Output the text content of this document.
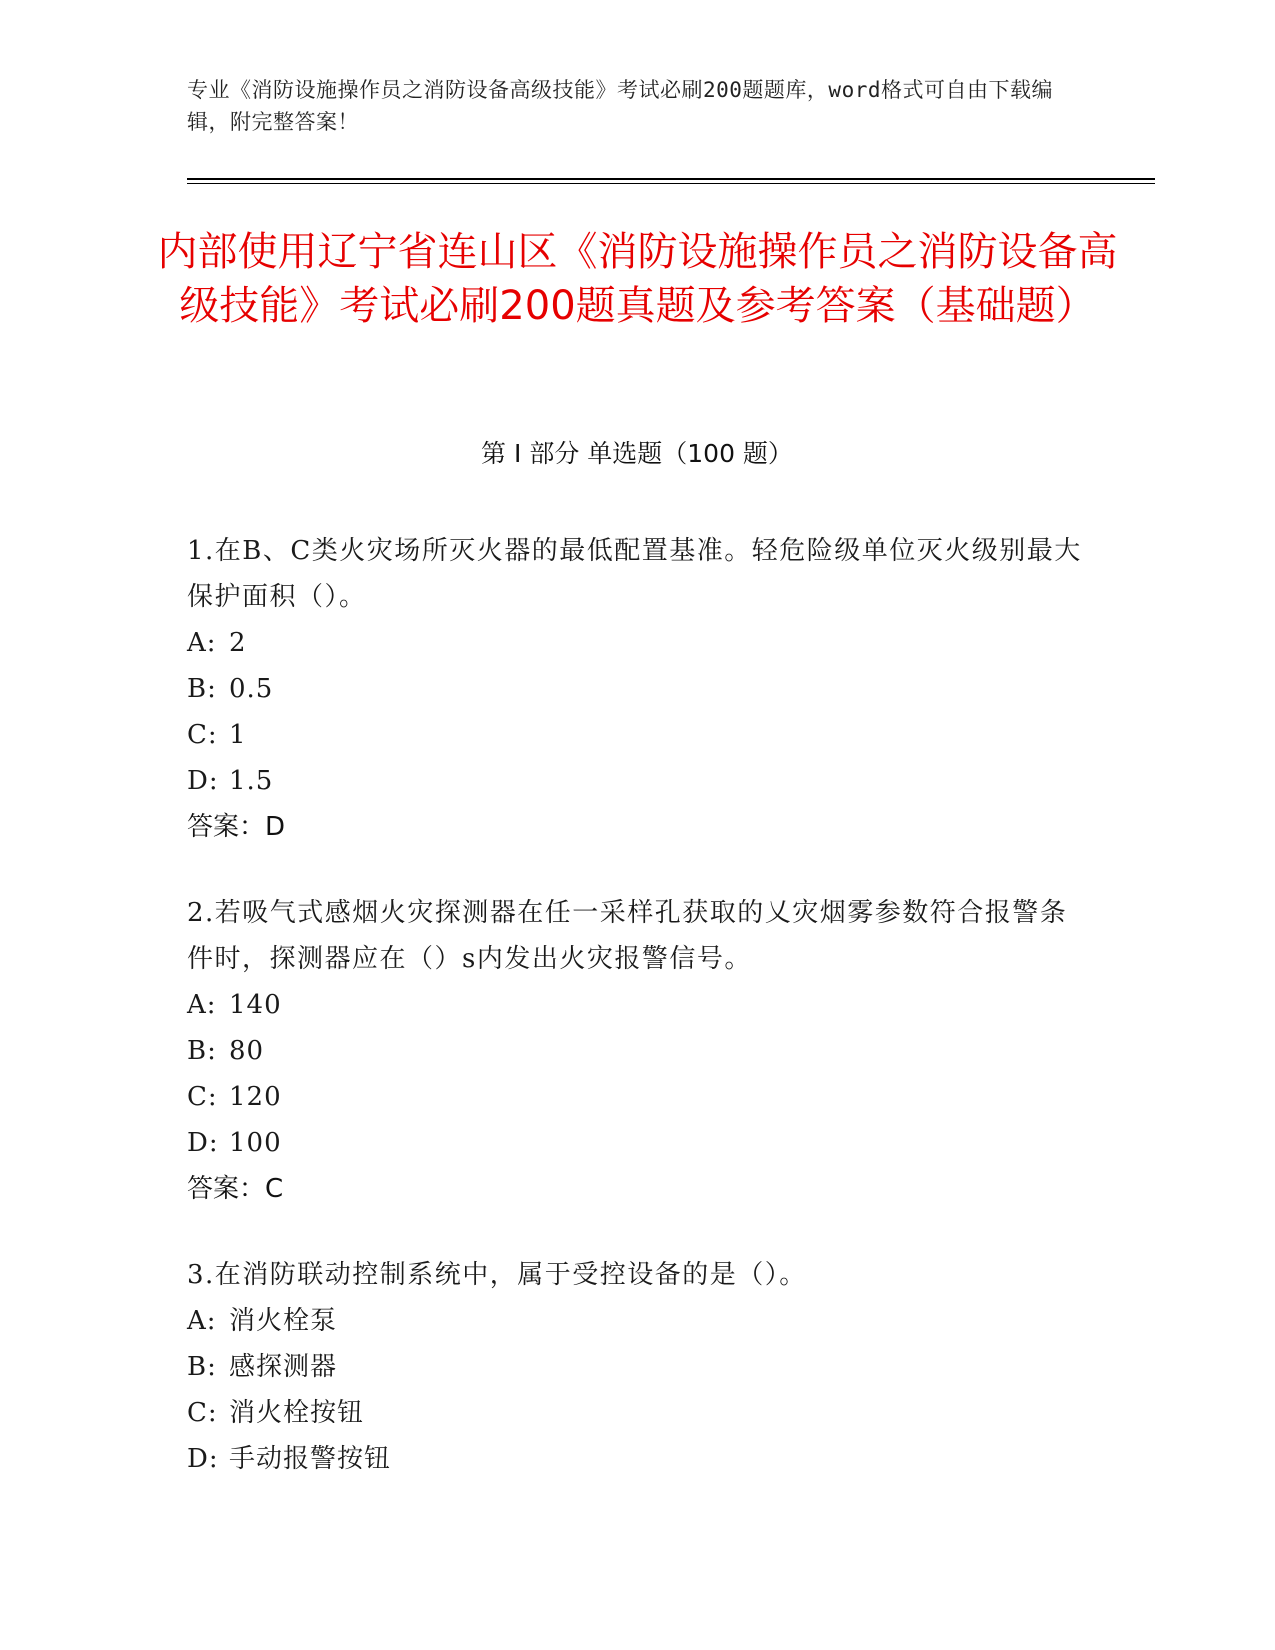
专业《消防设施操作员之消防设备高级技能》考试必刷200题题库，word格式可自由下载编辑，附完整答案！
内部使用辽宁省连山区《消防设施操作员之消防设备高级技能》考试必刷200题真题及参考答案（基础题）
第 I 部分 单选题（100 题）

1.在B、C类火灾场所灭火器的最低配置基准。轻危险级单位灭火级别最大保护面积（）。

A: 2
B: 0.5
C: 1
D: 1.5
答案：D

2.若吸气式感烟火灾探测器在任一采样孔获取的乂灾烟雾参数符合报警条件时，探测器应在（）s内发出火灾报警信号。

A: 140
B: 80
C: 120
D: 100
答案：C

3.在消防联动控制系统中，属于受控设备的是（）。

A: 消火栓泵
B: 感探测器
C: 消火栓按钮
D: 手动报警按钮
